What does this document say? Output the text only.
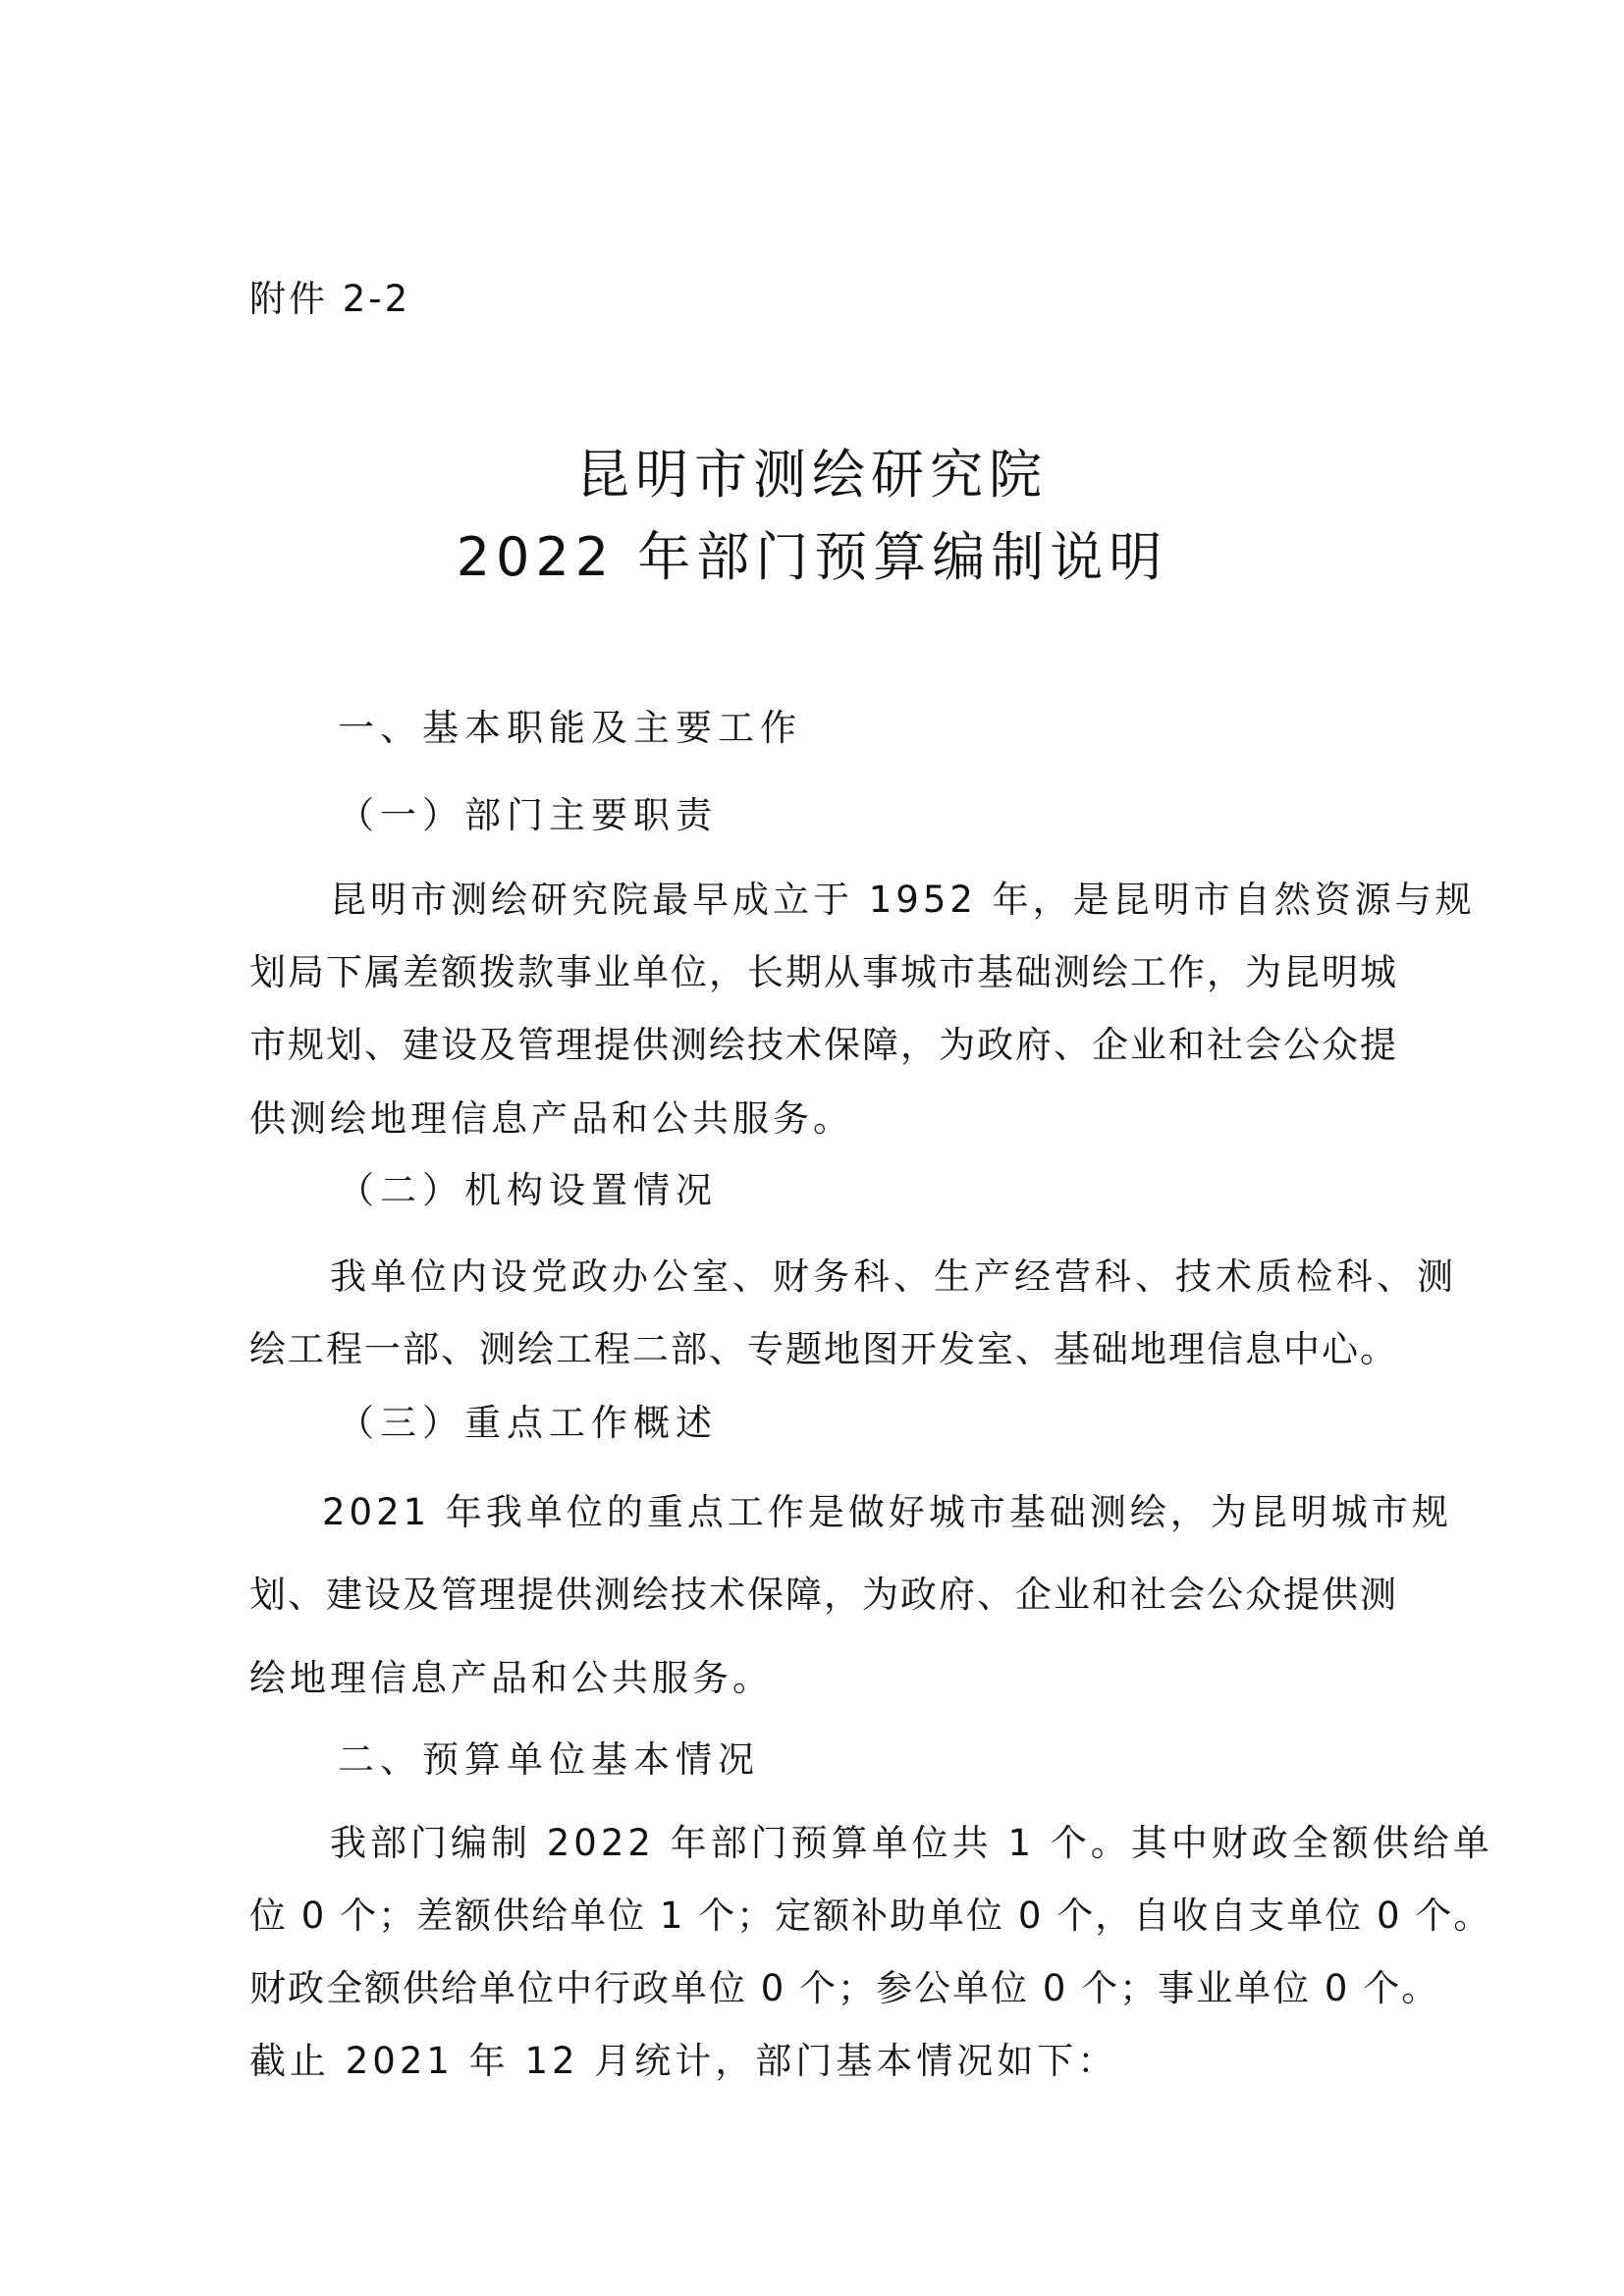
附件 2-2
昆明市测绘研究院
2022 年部门预算编制说明
一、基本职能及主要工作
（一）部门主要职责
昆明市测绘研究院最早成立于 1952 年，是昆明市自然资源与规
划局下属差额拨款事业单位，长期从事城市基础测绘工作，为昆明城
市规划、建设及管理提供测绘技术保障，为政府、企业和社会公众提
供测绘地理信息产品和公共服务。
（二）机构设置情况
我单位内设党政办公室、财务科、生产经营科、技术质检科、测
绘工程一部、测绘工程二部、专题地图开发室、基础地理信息中心。
（三）重点工作概述
2021 年我单位的重点工作是做好城市基础测绘，为昆明城市规
划、建设及管理提供测绘技术保障，为政府、企业和社会公众提供测
绘地理信息产品和公共服务。
二、预算单位基本情况
我部门编制 2022 年部门预算单位共 1 个。其中财政全额供给单
位 0 个；差额供给单位 1 个；定额补助单位 0 个，自收自支单位 0 个。
财政全额供给单位中行政单位 0 个；参公单位 0 个；事业单位 0 个。
截止 2021 年 12 月统计，部门基本情况如下：
